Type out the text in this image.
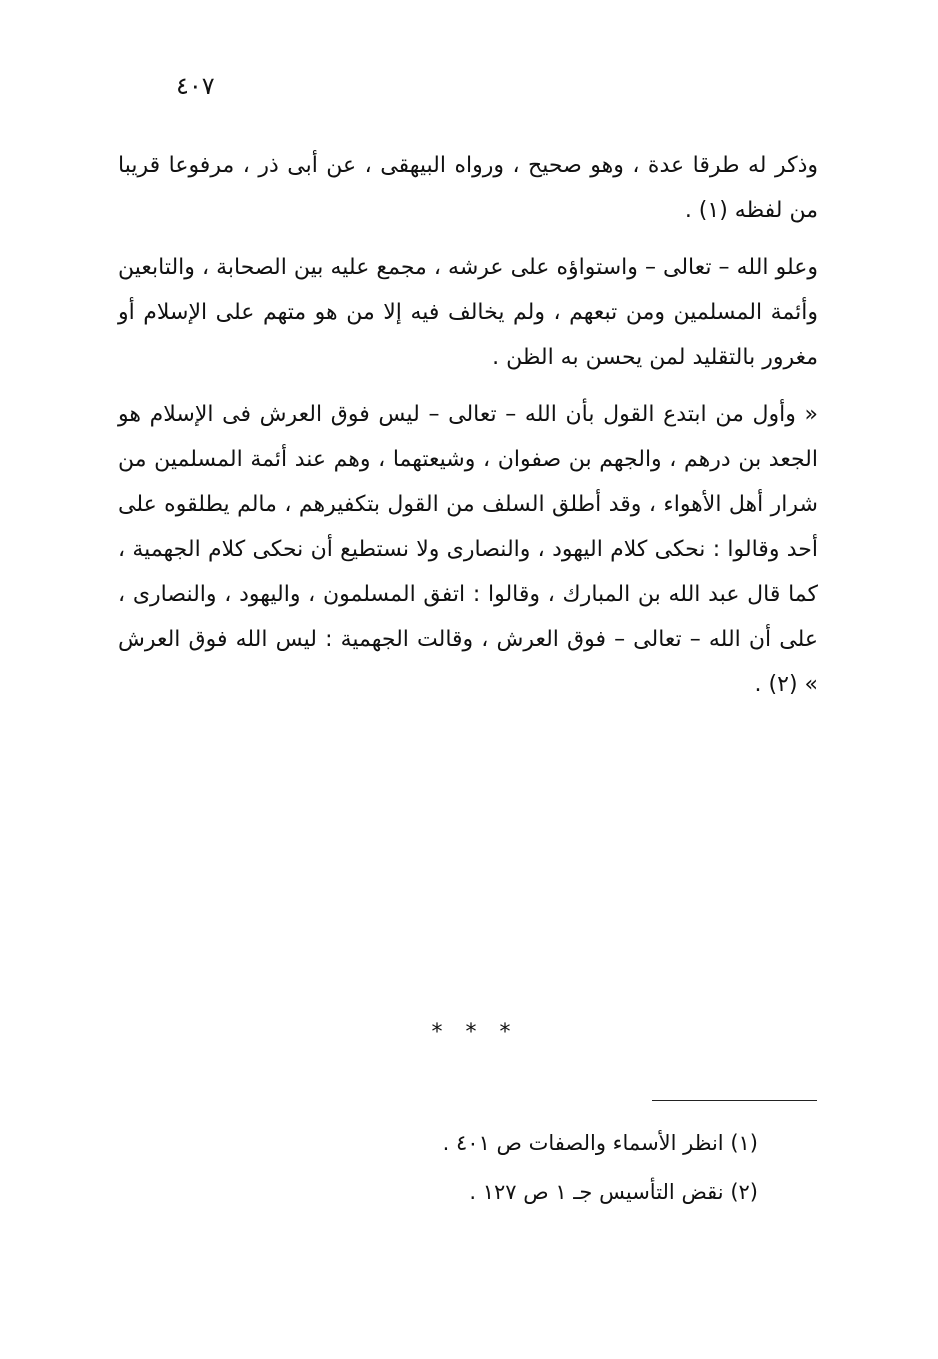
٤٠٧

وذكر له طرقا عدة ، وهو صحيح ، ورواه البيهقى ، عن أبى ذر ، مرفوعا قريبا من لفظه (١) .

وعلو الله – تعالى – واستواؤه على عرشه ، مجمع عليه بين الصحابة ، والتابعين وأئمة المسلمين ومن تبعهم ، ولم يخالف فيه إلا من هو متهم على الإسلام أو مغرور بالتقليد لمن يحسن به الظن .

« وأول من ابتدع القول بأن الله – تعالى – ليس فوق العرش فى الإسلام هو الجعد بن درهم ، والجهم بن صفوان ، وشيعتهما ، وهم عند أئمة المسلمين من شرار أهل الأهواء ، وقد أطلق السلف من القول بتكفيرهم ، مالم يطلقوه على أحد وقالوا : نحكى كلام اليهود ، والنصارى ولا نستطيع أن نحكى كلام الجهمية ، كما قال عبد الله بن المبارك ، وقالوا : اتفق المسلمون ، واليهود ، والنصارى ، على أن الله – تعالى – فوق العرش ، وقالت الجهمية : ليس الله فوق العرش » (٢) .

* * *
(١) انظر الأسماء والصفات ص ٤٠١ .
(٢) نقض التأسيس جـ ١ ص ١٢٧ .
